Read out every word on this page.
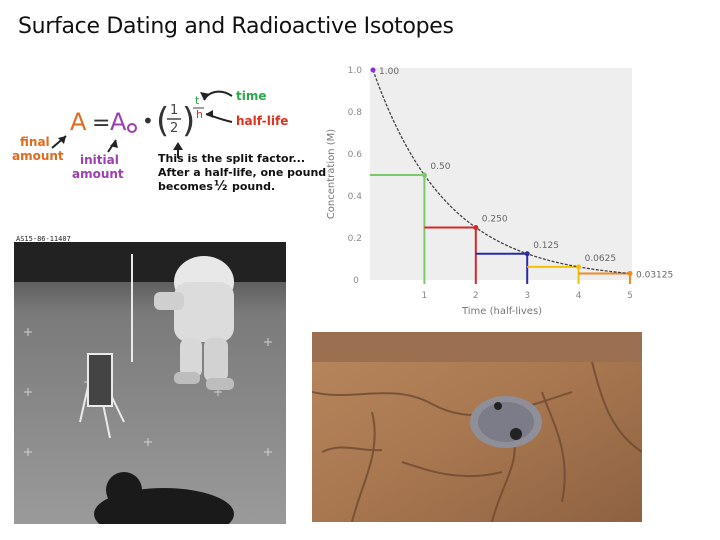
Surface Dating and Radioactive Isotopes
A = A • ( 1
2 )
t
h
time
half-life
final
amount initial
amount
This is the split factor...
After a half-life, one pound
becomes ½ pound.
0.2
0.4
0.6
0.8
1.0
0
1	2	3	4	5
1.00
0.50
0.250
0.125
0.0625
0.03125
Time (half-lives)
Concentration (M)
AS15-86-11407
